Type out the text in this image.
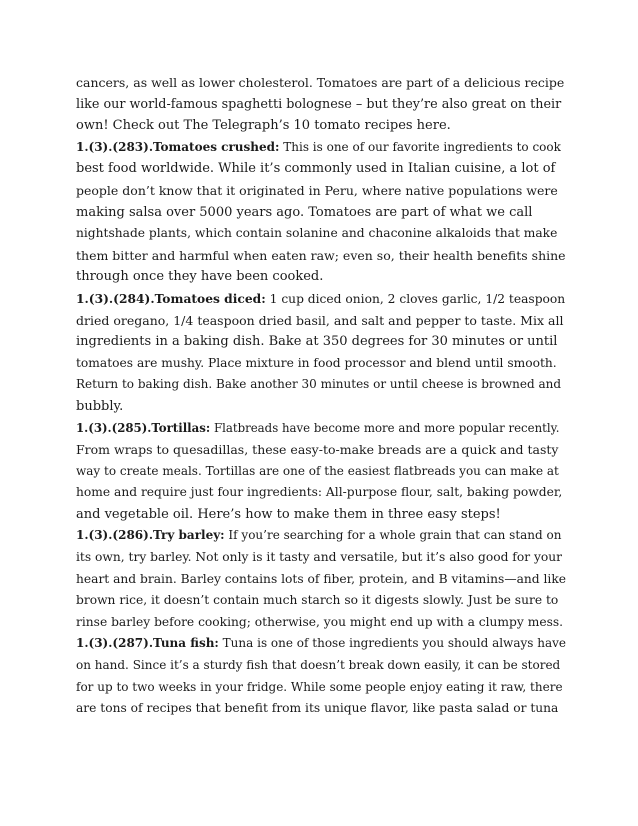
cancers, as well as lower cholesterol. Tomatoes are part of a delicious recipe
like our world-famous spaghetti bolognese – but they’re also great on their
own! Check out The Telegraph’s 10 tomato recipes here.
1.(3).(283).Tomatoes crushed: This is one of our favorite ingredients to cook
best food worldwide. While it’s commonly used in Italian cuisine, a lot of
people don’t know that it originated in Peru, where native populations were
making salsa over 5000 years ago. Tomatoes are part of what we call
nightshade plants, which contain solanine and chaconine alkaloids that make
them bitter and harmful when eaten raw; even so, their health benefits shine
through once they have been cooked.
1.(3).(284).Tomatoes diced: 1 cup diced onion, 2 cloves garlic, 1/2 teaspoon
dried oregano, 1/4 teaspoon dried basil, and salt and pepper to taste. Mix all
ingredients in a baking dish. Bake at 350 degrees for 30 minutes or until
tomatoes are mushy. Place mixture in food processor and blend until smooth.
Return to baking dish. Bake another 30 minutes or until cheese is browned and
bubbly.
1.(3).(285).Tortillas: Flatbreads have become more and more popular recently.
From wraps to quesadillas, these easy-to-make breads are a quick and tasty
way to create meals. Tortillas are one of the easiest flatbreads you can make at
home and require just four ingredients: All-purpose flour, salt, baking powder,
and vegetable oil. Here’s how to make them in three easy steps!
1.(3).(286).Try barley: If you’re searching for a whole grain that can stand on
its own, try barley. Not only is it tasty and versatile, but it’s also good for your
heart and brain. Barley contains lots of fiber, protein, and B vitamins—and like
brown rice, it doesn’t contain much starch so it digests slowly. Just be sure to
rinse barley before cooking; otherwise, you might end up with a clumpy mess.
1.(3).(287).Tuna fish: Tuna is one of those ingredients you should always have
on hand. Since it’s a sturdy fish that doesn’t break down easily, it can be stored
for up to two weeks in your fridge. While some people enjoy eating it raw, there
are tons of recipes that benefit from its unique flavor, like pasta salad or tuna
